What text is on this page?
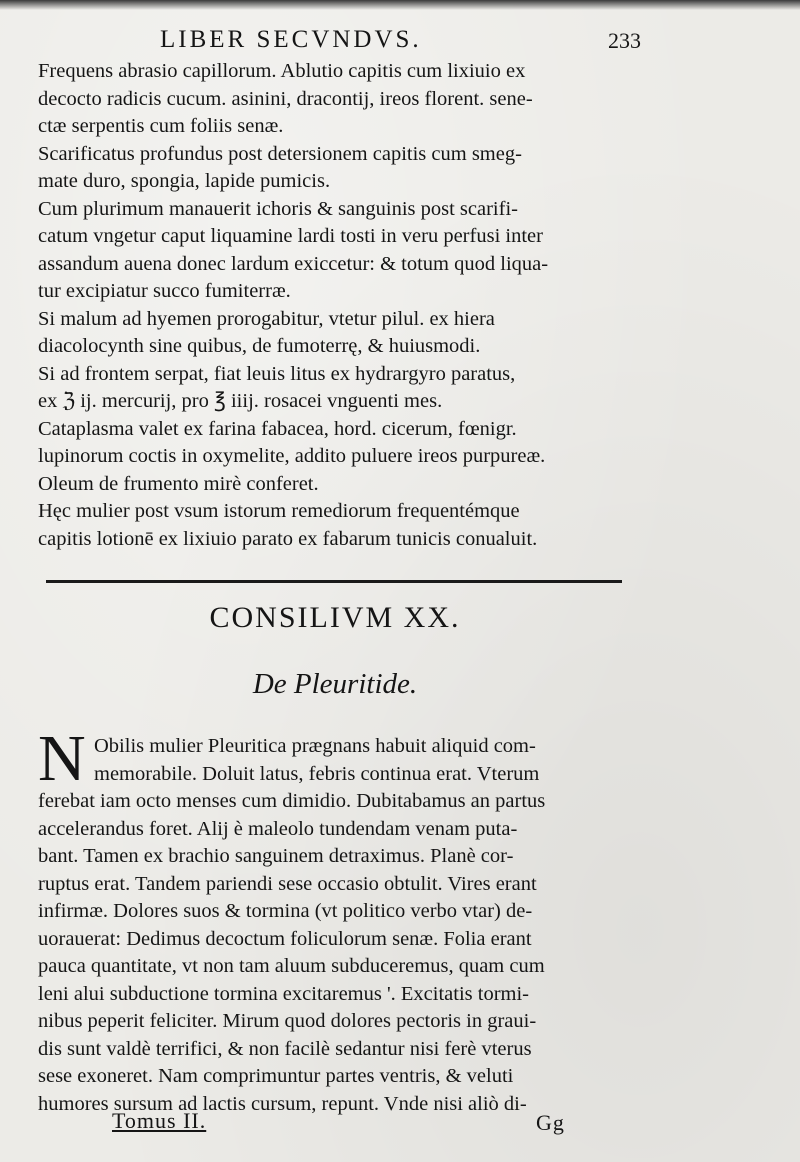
LIBER SECVNDVS.	233
Frequens abrasio capillorum. Ablutio capitis cum lixiuio ex
decocto radicis cucum. asinini, dracontij, ireos florent. sene-
ctæ serpentis cum foliis senæ.
Scarificatus profundus post detersionem capitis cum smeg-
mate duro, spongia, lapide pumicis.
Cum plurimum manauerit ichoris & sanguinis post scarifi-
catum vngetur caput liquamine lardi tosti in veru perfusi inter
assandum auena donec lardum exiccetur: & totum quod liqua-
tur excipiatur succo fumiterræ.
Si malum ad hyemen prorogabitur, vtetur pilul. ex hiera
diacolocynth sine quibus, de fumoterrę, & huiusmodi.
Si ad frontem serpat, fiat leuis litus ex hydrargyro paratus,
ex ℨ ij. mercurij, pro ℥ iiij. rosacei vnguenti mes.
Cataplasma valet ex farina fabacea, hord. cicerum, fœnigr.
lupinorum coctis in oxymelite, addito puluere ireos purpureæ.
Oleum de frumento mirè conferet.
Hęc mulier post vsum istorum remediorum frequentémque
capitis lotionē ex lixiuio parato ex fabarum tunicis conualuit.
CONSILIVM XX.
De Pleuritide.
N Obilis mulier Pleuritica prægnans habuit aliquid com-
memorabile. Doluit latus, febris continua erat. Vterum
ferebat iam octo menses cum dimidio. Dubitabamus an partus
accelerandus foret. Alij è maleolo tundendam venam puta-
bant. Tamen ex brachio sanguinem detraximus. Planè cor-
ruptus erat. Tandem pariendi sese occasio obtulit. Vires erant
infirmæ. Dolores suos & tormina (vt politico verbo vtar) de-
uorauerat: Dedimus decoctum foliculorum senæ. Folia erant
pauca quantitate, vt non tam aluum subduceremus, quam cum
leni alui subductione tormina excitaremus '. Excitatis tormi-
nibus peperit feliciter. Mirum quod dolores pectoris in graui-
dis sunt valdè terrifici, & non facilè sedantur nisi ferè vterus
sese exoneret. Nam comprimuntur partes ventris, & veluti
humores sursum ad lactis cursum, repunt. Vnde nisi aliò di-
Tomus II.	Gg
